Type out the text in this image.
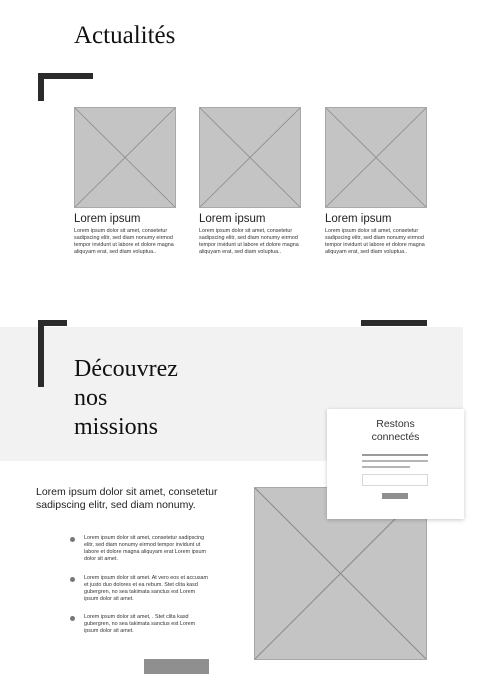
Actualités
Lorem ipsum
Lorem ipsum dolor sit amet, consetetur sadipscing elitr, sed diam nonumy eirmod tempor invidunt ut labore et dolore magna aliquyam erat, sed diam voluptua..
Lorem ipsum
Lorem ipsum dolor sit amet, consetetur sadipscing elitr, sed diam nonumy eirmod tempor invidunt ut labore et dolore magna aliquyam erat, sed diam voluptua..
Lorem ipsum
Lorem ipsum dolor sit amet, consetetur sadipscing elitr, sed diam nonumy eirmod tempor invidunt ut labore et dolore magna aliquyam erat, sed diam voluptua..
Découvrez
nos
missions	Restons
connectés
Lorem ipsum dolor sit amet, consetetur sadipscing elitr, sed diam nonumy.
Lorem ipsum dolor sit amet, consetetur sadipscing elitr, sed diam nonumy eirmod tempor invidunt ut labore et dolore magna aliquyam erat Lorem ipsum dolor sit amet.
Lorem ipsum dolor sit amet. At vero eos et accusam et justo duo dolores et ea rebum. Stet clita kasd gubergren, no sea takimata sanctus est Lorem ipsum dolor sit amet.
Lorem ipsum dolor sit amet, . Stet clita kasd gubergren, no sea takimata sanctus est Lorem ipsum dolor sit amet.
